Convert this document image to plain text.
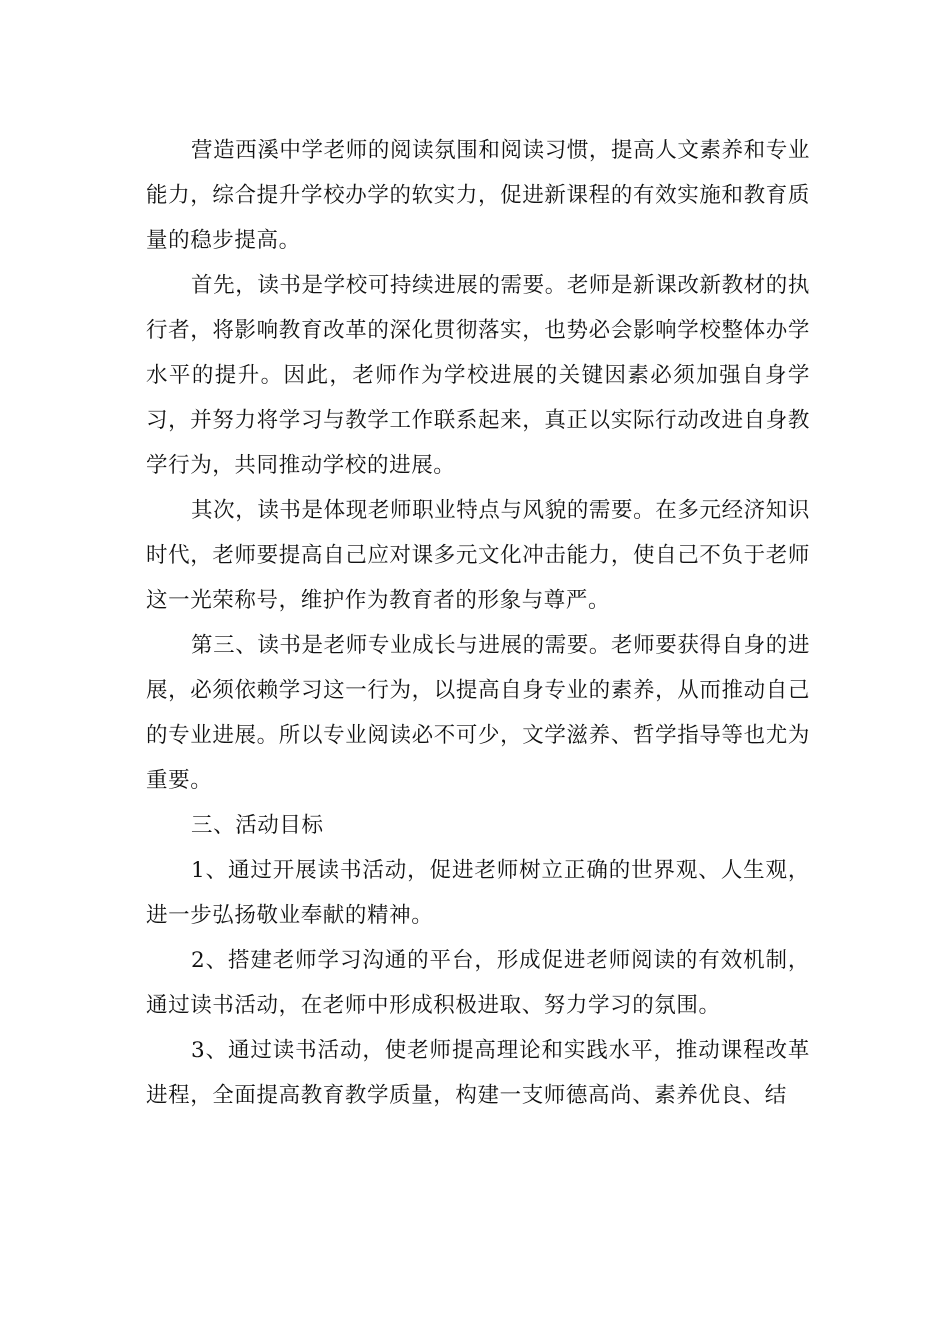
营造西溪中学老师的阅读氛围和阅读习惯，提高人文素养和专业能力，综合提升学校办学的软实力，促进新课程的有效实施和教育质量的稳步提高。

首先，读书是学校可持续进展的需要。老师是新课改新教材的执行者，将影响教育改革的深化贯彻落实，也势必会影响学校整体办学水平的提升。因此，老师作为学校进展的关键因素必须加强自身学习，并努力将学习与教学工作联系起来，真正以实际行动改进自身教学行为，共同推动学校的进展。

其次，读书是体现老师职业特点与风貌的需要。在多元经济知识时代，老师要提高自己应对课多元文化冲击能力，使自己不负于老师这一光荣称号，维护作为教育者的形象与尊严。

第三、读书是老师专业成长与进展的需要。老师要获得自身的进展，必须依赖学习这一行为，以提高自身专业的素养，从而推动自己的专业进展。所以专业阅读必不可少，文学滋养、哲学指导等也尤为重要。

三、活动目标

1、通过开展读书活动，促进老师树立正确的世界观、人生观，进一步弘扬敬业奉献的精神。

2、搭建老师学习沟通的平台，形成促进老师阅读的有效机制，通过读书活动，在老师中形成积极进取、努力学习的氛围。

3、通过读书活动，使老师提高理论和实践水平，推动课程改革进程，全面提高教育教学质量，构建一支师德高尚、素养优良、结
